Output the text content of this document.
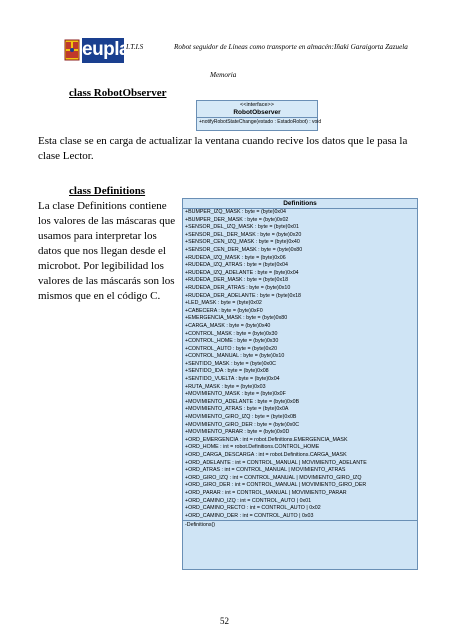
eupla
I.T.I.S	Robot seguidor de Líneas como transporte en almacén: Iñaki Garaigorta Zazuela
Memoria
class RobotObserver
<<interface>>
RobotObserver
+notifyRobotStateChange(estado : EstadoRobot) : void
Esta clase se en carga de actualizar la ventana cuando recive los datos que le pasa la clase Lector.
class Definitions
La clase Definitions contiene
los valores de las máscaras que
usamos para interpretar los
datos que nos llegan desde el
microbot. Por legibilidad los
valores de las máscarás son los
mismos que en el código C.
Definitions
+BUMPER_IZQ_MASK : byte = (byte)0x04
+BUMPER_DER_MASK : byte = (byte)0x02
+SENSOR_DEL_IZQ_MASK : byte = (byte)0x01
+SENSOR_DEL_DER_MASK : byte = (byte)0x20
+SENSOR_CEN_IZQ_MASK : byte = (byte)0x40
+SENSOR_CEN_DER_MASK : byte = (byte)0x80
+RUDEDA_IZQ_MASK : byte = (byte)0x06
+RUDEDA_IZQ_ATRAS : byte = (byte)0x04
+RUDEDA_IZQ_ADELANTE : byte = (byte)0x04
+RUDEDA_DER_MASK : byte = (byte)0x18
+RUDEDA_DER_ATRAS : byte = (byte)0x10
+RUDEDA_DER_ADELANTE : byte = (byte)0x18
+LED_MASK : byte = (byte)0x02
+CABECERA : byte = (byte)0xF0
+EMERGENCIA_MASK : byte = (byte)0x80
+CARGA_MASK : byte = (byte)0x40
+CONTROL_MASK : byte = (byte)0x30
+CONTROL_HOME : byte = (byte)0x30
+CONTROL_AUTO : byte = (byte)0x20
+CONTROL_MANUAL : byte = (byte)0x10
+SENTIDO_MASK : byte = (byte)0x0C
+SENTIDO_IDA : byte = (byte)0x08
+SENTIDO_VUELTA : byte = (byte)0x04
+RUTA_MASK : byte = (byte)0x03
+MOVIMIENTO_MASK : byte = (byte)0x0F
+MOVIMIENTO_ADELANTE : byte = (byte)0x0B
+MOVIMIENTO_ATRAS : byte = (byte)0x0A
+MOVIMIENTO_GIRO_IZQ : byte = (byte)0x0B
+MOVIMIENTO_GIRO_DER : byte = (byte)0x0C
+MOVIMIENTO_PARAR : byte = (byte)0x0D
+ORD_EMERGENCIA : int = robot.Definitions.EMERGENCIA_MASK
+ORD_HOME : int = robot.Definitions.CONTROL_HOME
+ORD_CARGA_DESCARGA : int = robot.Definitions.CARGA_MASK
+ORD_ADELANTE : int = CONTROL_MANUAL | MOVIMIENTO_ADELANTE
+ORD_ATRAS : int = CONTROL_MANUAL | MOVIMIENTO_ATRAS
+ORD_GIRO_IZQ : int = CONTROL_MANUAL | MOVIMIENTO_GIRO_IZQ
+ORD_GIRO_DER : int = CONTROL_MANUAL | MOVIMIENTO_GIRO_DER
+ORD_PARAR : int = CONTROL_MANUAL | MOVIMIENTO_PARAR
+ORD_CAMINO_IZQ : int = CONTROL_AUTO | 0x01
+ORD_CAMINO_RECTO : int = CONTROL_AUTO | 0x02
+ORD_CAMINO_DER : int = CONTROL_AUTO | 0x03
-Definitions()
52
